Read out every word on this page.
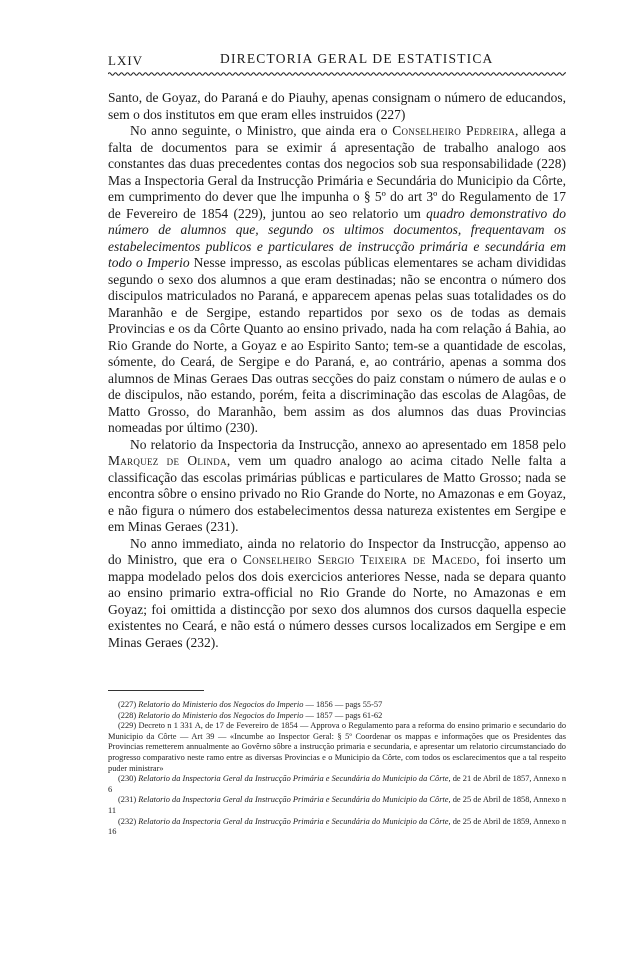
LXIV	DIRECTORIA GERAL DE ESTATISTICA

Santo, de Goyaz, do Paraná e do Piauhy, apenas consignam o número de educandos, sem o dos institutos em que eram elles instruidos (227)

No anno seguinte, o Ministro, que ainda era o Conselheiro Pedreira, allega a falta de documentos para se eximir á apresentação de trabalho analogo aos constantes das duas precedentes contas dos negocios sob sua responsabilidade (228) Mas a Inspectoria Geral da Instrucção Primária e Secundária do Municipio da Côrte, em cumprimento do dever que lhe impunha o § 5º do art 3º do Regulamento de 17 de Fevereiro de 1854 (229), juntou ao seo relatorio um quadro demonstrativo do número de alumnos que, segundo os ultimos documentos, frequentavam os estabelecimentos publicos e particulares de instrucção primária e secundária em todo o Imperio Nesse impresso, as escolas públicas elementares se acham divididas segundo o sexo dos alumnos a que eram destinadas; não se encontra o número dos discipulos matriculados no Paraná, e apparecem apenas pelas suas totalidades os do Maranhão e de Sergipe, estando repartidos por sexo os de todas as demais Provincias e os da Côrte Quanto ao ensino privado, nada ha com relação á Bahia, ao Rio Grande do Norte, a Goyaz e ao Espirito Santo; tem-se a quantidade de escolas, sómente, do Ceará, de Sergipe e do Paraná, e, ao contrário, apenas a somma dos alumnos de Minas Geraes Das outras secções do paiz constam o número de aulas e o de discipulos, não estando, porém, feita a discriminação das escolas de Alagôas, de Matto Grosso, do Maranhão, bem assim as dos alumnos das duas Provincias nomeadas por último (230).

No relatorio da Inspectoria da Instrucção, annexo ao apresentado em 1858 pelo Marquez de Olinda, vem um quadro analogo ao acima citado Nelle falta a classificação das escolas primárias públicas e particulares de Matto Grosso; nada se encontra sôbre o ensino privado no Rio Grande do Norte, no Amazonas e em Goyaz, e não figura o número dos estabelecimentos dessa natureza existentes em Sergipe e em Minas Geraes (231).

No anno immediato, ainda no relatorio do Inspector da Instrucção, appenso ao do Ministro, que era o Conselheiro Sergio Teixeira de Macedo, foi inserto um mappa modelado pelos dos dois exercicios anteriores Nesse, nada se depara quanto ao ensino primario extra-official no Rio Grande do Norte, no Amazonas e em Goyaz; foi omittida a distincção por sexo dos alumnos dos cursos daquella especie existentes no Ceará, e não está o número desses cursos localizados em Sergipe e em Minas Geraes (232).

(227) Relatorio do Ministerio dos Negocios do Imperio — 1856 — pags 55-57

(228) Relatorio do Ministerio dos Negocios do Imperio — 1857 — pags 61-62

(229) Decreto n 1 331 A, de 17 de Fevereiro de 1854 — Approva o Regulamento para a reforma do ensino primario e secundario do Municipio da Côrte — Art 39 — «Incumbe ao Inspector Geral: § 5º Coordenar os mappas e informações que os Presidentes das Provincias remetterem annualmente ao Govêrno sôbre a instrucção primaria e secundaria, e apresentar um relatorio circumstanciado do progresso comparativo neste ramo entre as diversas Provincias e o Municipio da Côrte, com todos os esclarecimentos que a tal respeito puder ministrar»

(230) Relatorio da Inspectoria Geral da Instrucção Primária e Secundária do Municipio da Côrte, de 21 de Abril de 1857, Annexo n 6

(231) Relatorio da Inspectoria Geral da Instrucção Primária e Secundária do Municipio da Côrte, de 25 de Abril de 1858, Annexo n 11

(232) Relatorio da Inspectoria Geral da Instrucção Primária e Secundária do Municipio da Côrte, de 25 de Abril de 1859, Annexo n 16
